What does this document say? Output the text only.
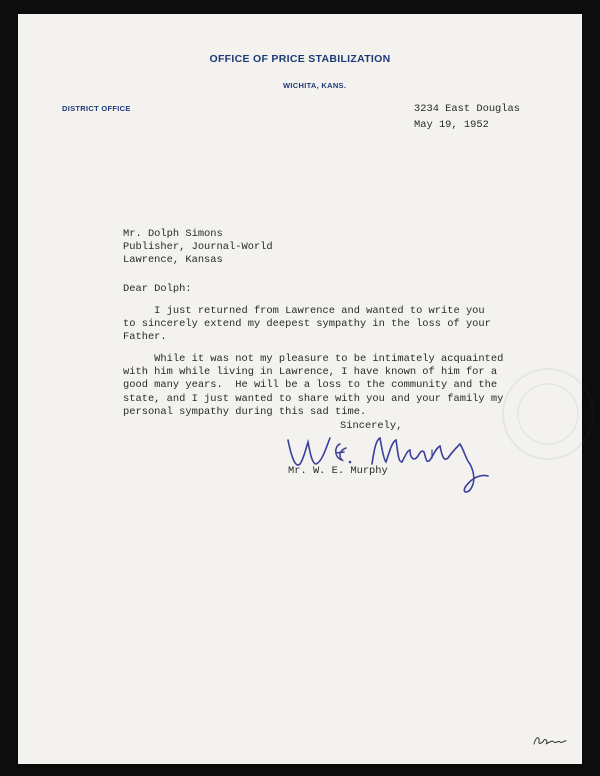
OFFICE OF PRICE STABILIZATION
WICHITA, KANS.
DISTRICT OFFICE	3234 East Douglas
May 19, 1952
Mr. Dolph Simons
Publisher, Journal-World
Lawrence, Kansas
Dear Dolph:
I just returned from Lawrence and wanted to write you
to sincerely extend my deepest sympathy in the loss of your
Father.
While it was not my pleasure to be intimately acquainted
with him while living in Lawrence, I have known of him for a
good many years.  He will be a loss to the community and the
state, and I just wanted to share with you and your family my
personal sympathy during this sad time.
Sincerely,
Mr. W. E. Murphy
